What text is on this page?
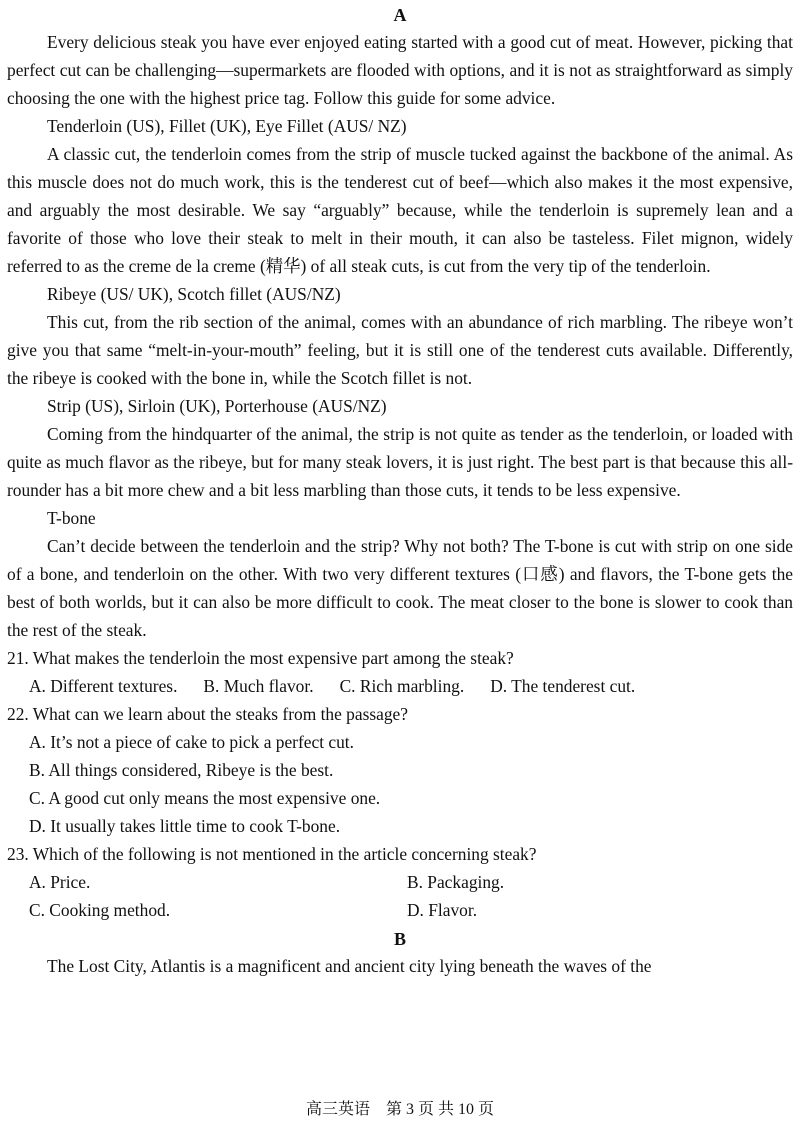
A

Every delicious steak you have ever enjoyed eating started with a good cut of meat. However, picking that perfect cut can be challenging—supermarkets are flooded with options, and it is not as straightforward as simply choosing the one with the highest price tag. Follow this guide for some advice.

Tenderloin (US), Fillet (UK), Eye Fillet (AUS/ NZ)

A classic cut, the tenderloin comes from the strip of muscle tucked against the backbone of the animal. As this muscle does not do much work, this is the tenderest cut of beef—which also makes it the most expensive, and arguably the most desirable. We say “arguably” because, while the tenderloin is supremely lean and a favorite of those who love their steak to melt in their mouth, it can also be tasteless. Filet mignon, widely referred to as the creme de la creme (精华) of all steak cuts, is cut from the very tip of the tenderloin.

Ribeye (US/ UK), Scotch fillet (AUS/NZ)

This cut, from the rib section of the animal, comes with an abundance of rich marbling. The ribeye won’t give you that same “melt-in-your-mouth” feeling, but it is still one of the tenderest cuts available. Differently, the ribeye is cooked with the bone in, while the Scotch fillet is not.

Strip (US), Sirloin (UK), Porterhouse (AUS/NZ)

Coming from the hindquarter of the animal, the strip is not quite as tender as the tenderloin, or loaded with quite as much flavor as the ribeye, but for many steak lovers, it is just right. The best part is that because this all-rounder has a bit more chew and a bit less marbling than those cuts, it tends to be less expensive.

T-bone

Can’t decide between the tenderloin and the strip? Why not both? The T-bone is cut with strip on one side of a bone, and tenderloin on the other. With two very different textures (口感) and flavors, the T-bone gets the best of both worlds, but it can also be more difficult to cook. The meat closer to the bone is slower to cook than the rest of the steak.

21. What makes the tenderloin the most expensive part among the steak?

A. Different textures. B. Much flavor. C. Rich marbling. D. The tenderest cut.

22. What can we learn about the steaks from the passage?

A. It’s not a piece of cake to pick a perfect cut.
B. All things considered, Ribeye is the best.
C. A good cut only means the most expensive one.
D. It usually takes little time to cook T-bone.

23. Which of the following is not mentioned in the article concerning steak?

A. Price.	B. Packaging.
C. Cooking method.	D. Flavor.
B

The Lost City, Atlantis is a magnificent and ancient city lying beneath the waves of the

高三英语　第 3 页 共 10 页
